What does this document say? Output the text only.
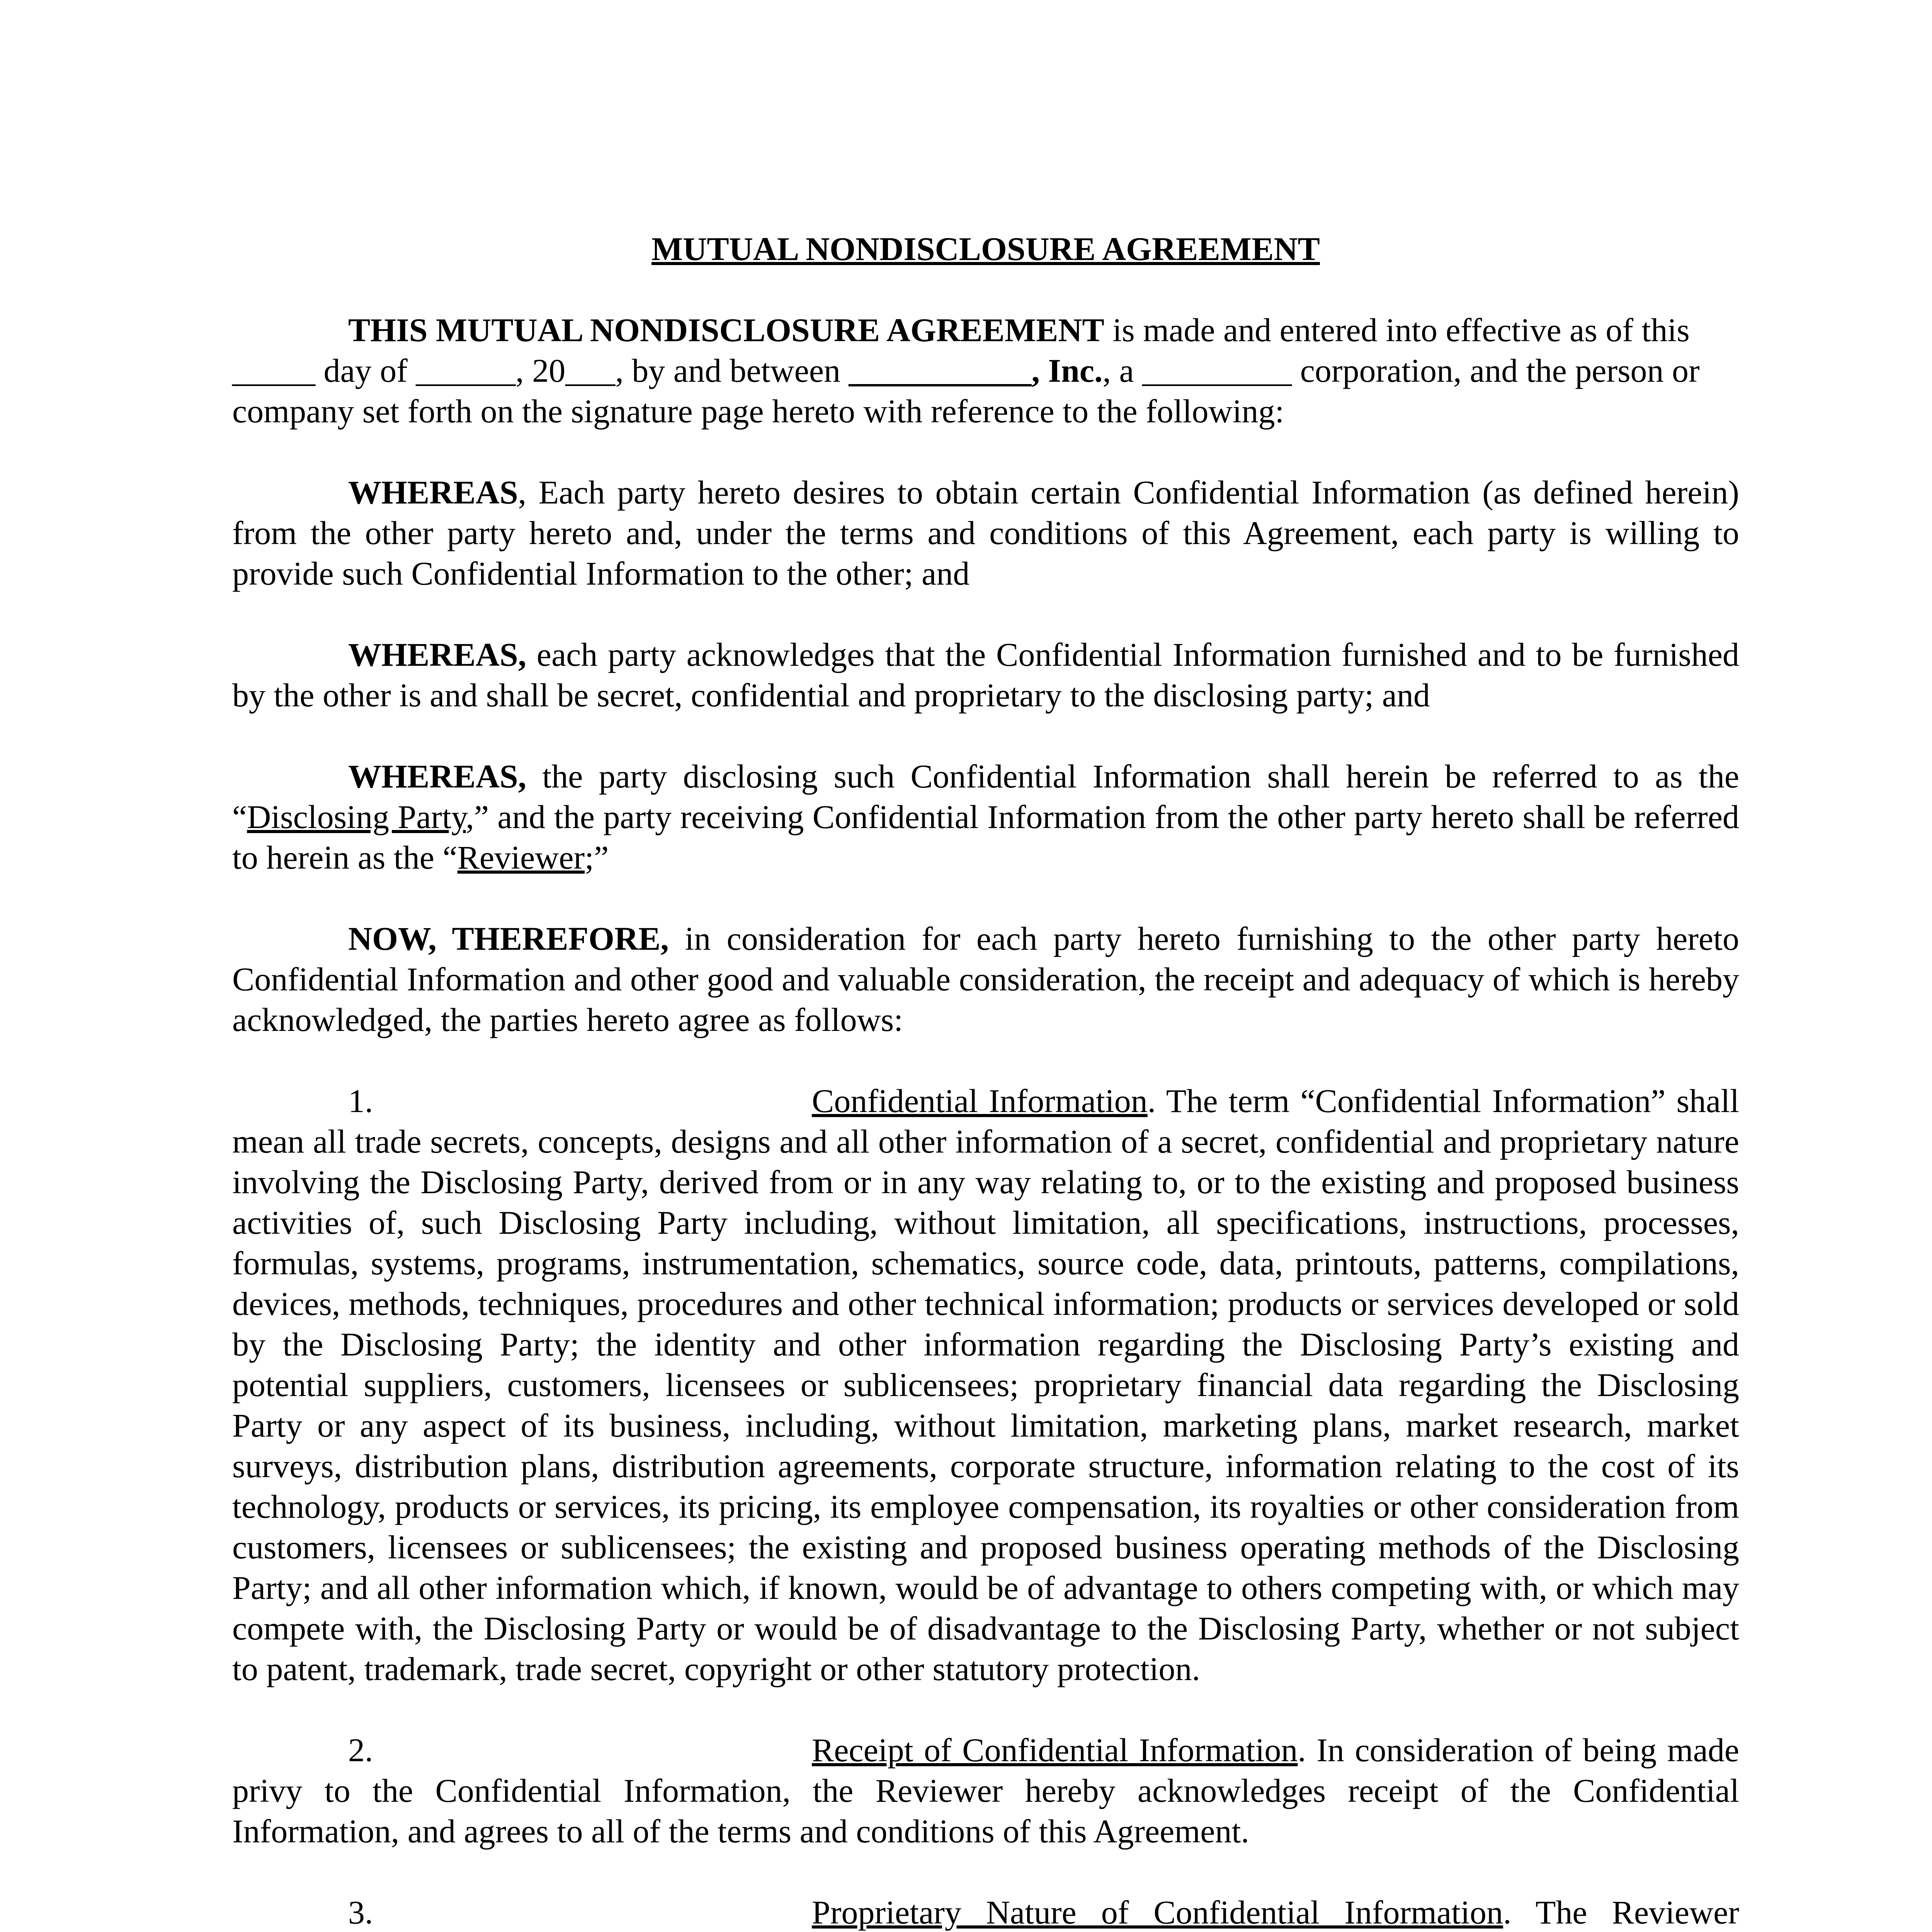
MUTUAL NONDISCLOSURE AGREEMENT

THIS MUTUAL NONDISCLOSURE AGREEMENT is made and entered into effective as of this _____ day of ______, 20___, by and between ___________, Inc., a _________ corporation, and the person or company set forth on the signature page hereto with reference to the following:

WHEREAS, Each party hereto desires to obtain certain Confidential Information (as defined herein) from the other party hereto and, under the terms and conditions of this Agreement, each party is willing to provide such Confidential Information to the other; and

WHEREAS, each party acknowledges that the Confidential Information furnished and to be furnished by the other is and shall be secret, confidential and proprietary to the disclosing party; and

WHEREAS, the party disclosing such Confidential Information shall herein be referred to as the “Disclosing Party,” and the party receiving Confidential Information from the other party hereto shall be referred to herein as the “Reviewer;”

NOW, THEREFORE, in consideration for each party hereto furnishing to the other party hereto Confidential Information and other good and valuable consideration, the receipt and adequacy of which is hereby acknowledged, the parties hereto agree as follows:

1.	Confidential Information. The term “Confidential Information” shall mean all trade secrets, concepts, designs and all other information of a secret, confidential and proprietary nature involving the Disclosing Party, derived from or in any way relating to, or to the existing and proposed business activities of, such Disclosing Party including, without limitation, all specifications, instructions, processes, formulas, systems, programs, instrumentation, schematics, source code, data, printouts, patterns, compilations, devices, methods, techniques, procedures and other technical information; products or services developed or sold by the Disclosing Party; the identity and other information regarding the Disclosing Party’s existing and potential suppliers, customers, licensees or sublicensees; proprietary financial data regarding the Disclosing Party or any aspect of its business, including, without limitation, marketing plans, market research, market surveys, distribution plans, distribution agreements, corporate structure, information relating to the cost of its technology, products or services, its pricing, its employee compensation, its royalties or other consideration from customers, licensees or sublicensees; the existing and proposed business operating methods of the Disclosing Party; and all other information which, if known, would be of advantage to others competing with, or which may compete with, the Disclosing Party or would be of disadvantage to the Disclosing Party, whether or not subject to patent, trademark, trade secret, copyright or other statutory protection.

2.	Receipt of Confidential Information. In consideration of being made privy to the Confidential Information, the Reviewer hereby acknowledges receipt of the Confidential Information, and agrees to all of the terms and conditions of this Agreement.

3.	Proprietary Nature of Confidential Information. The Reviewer
